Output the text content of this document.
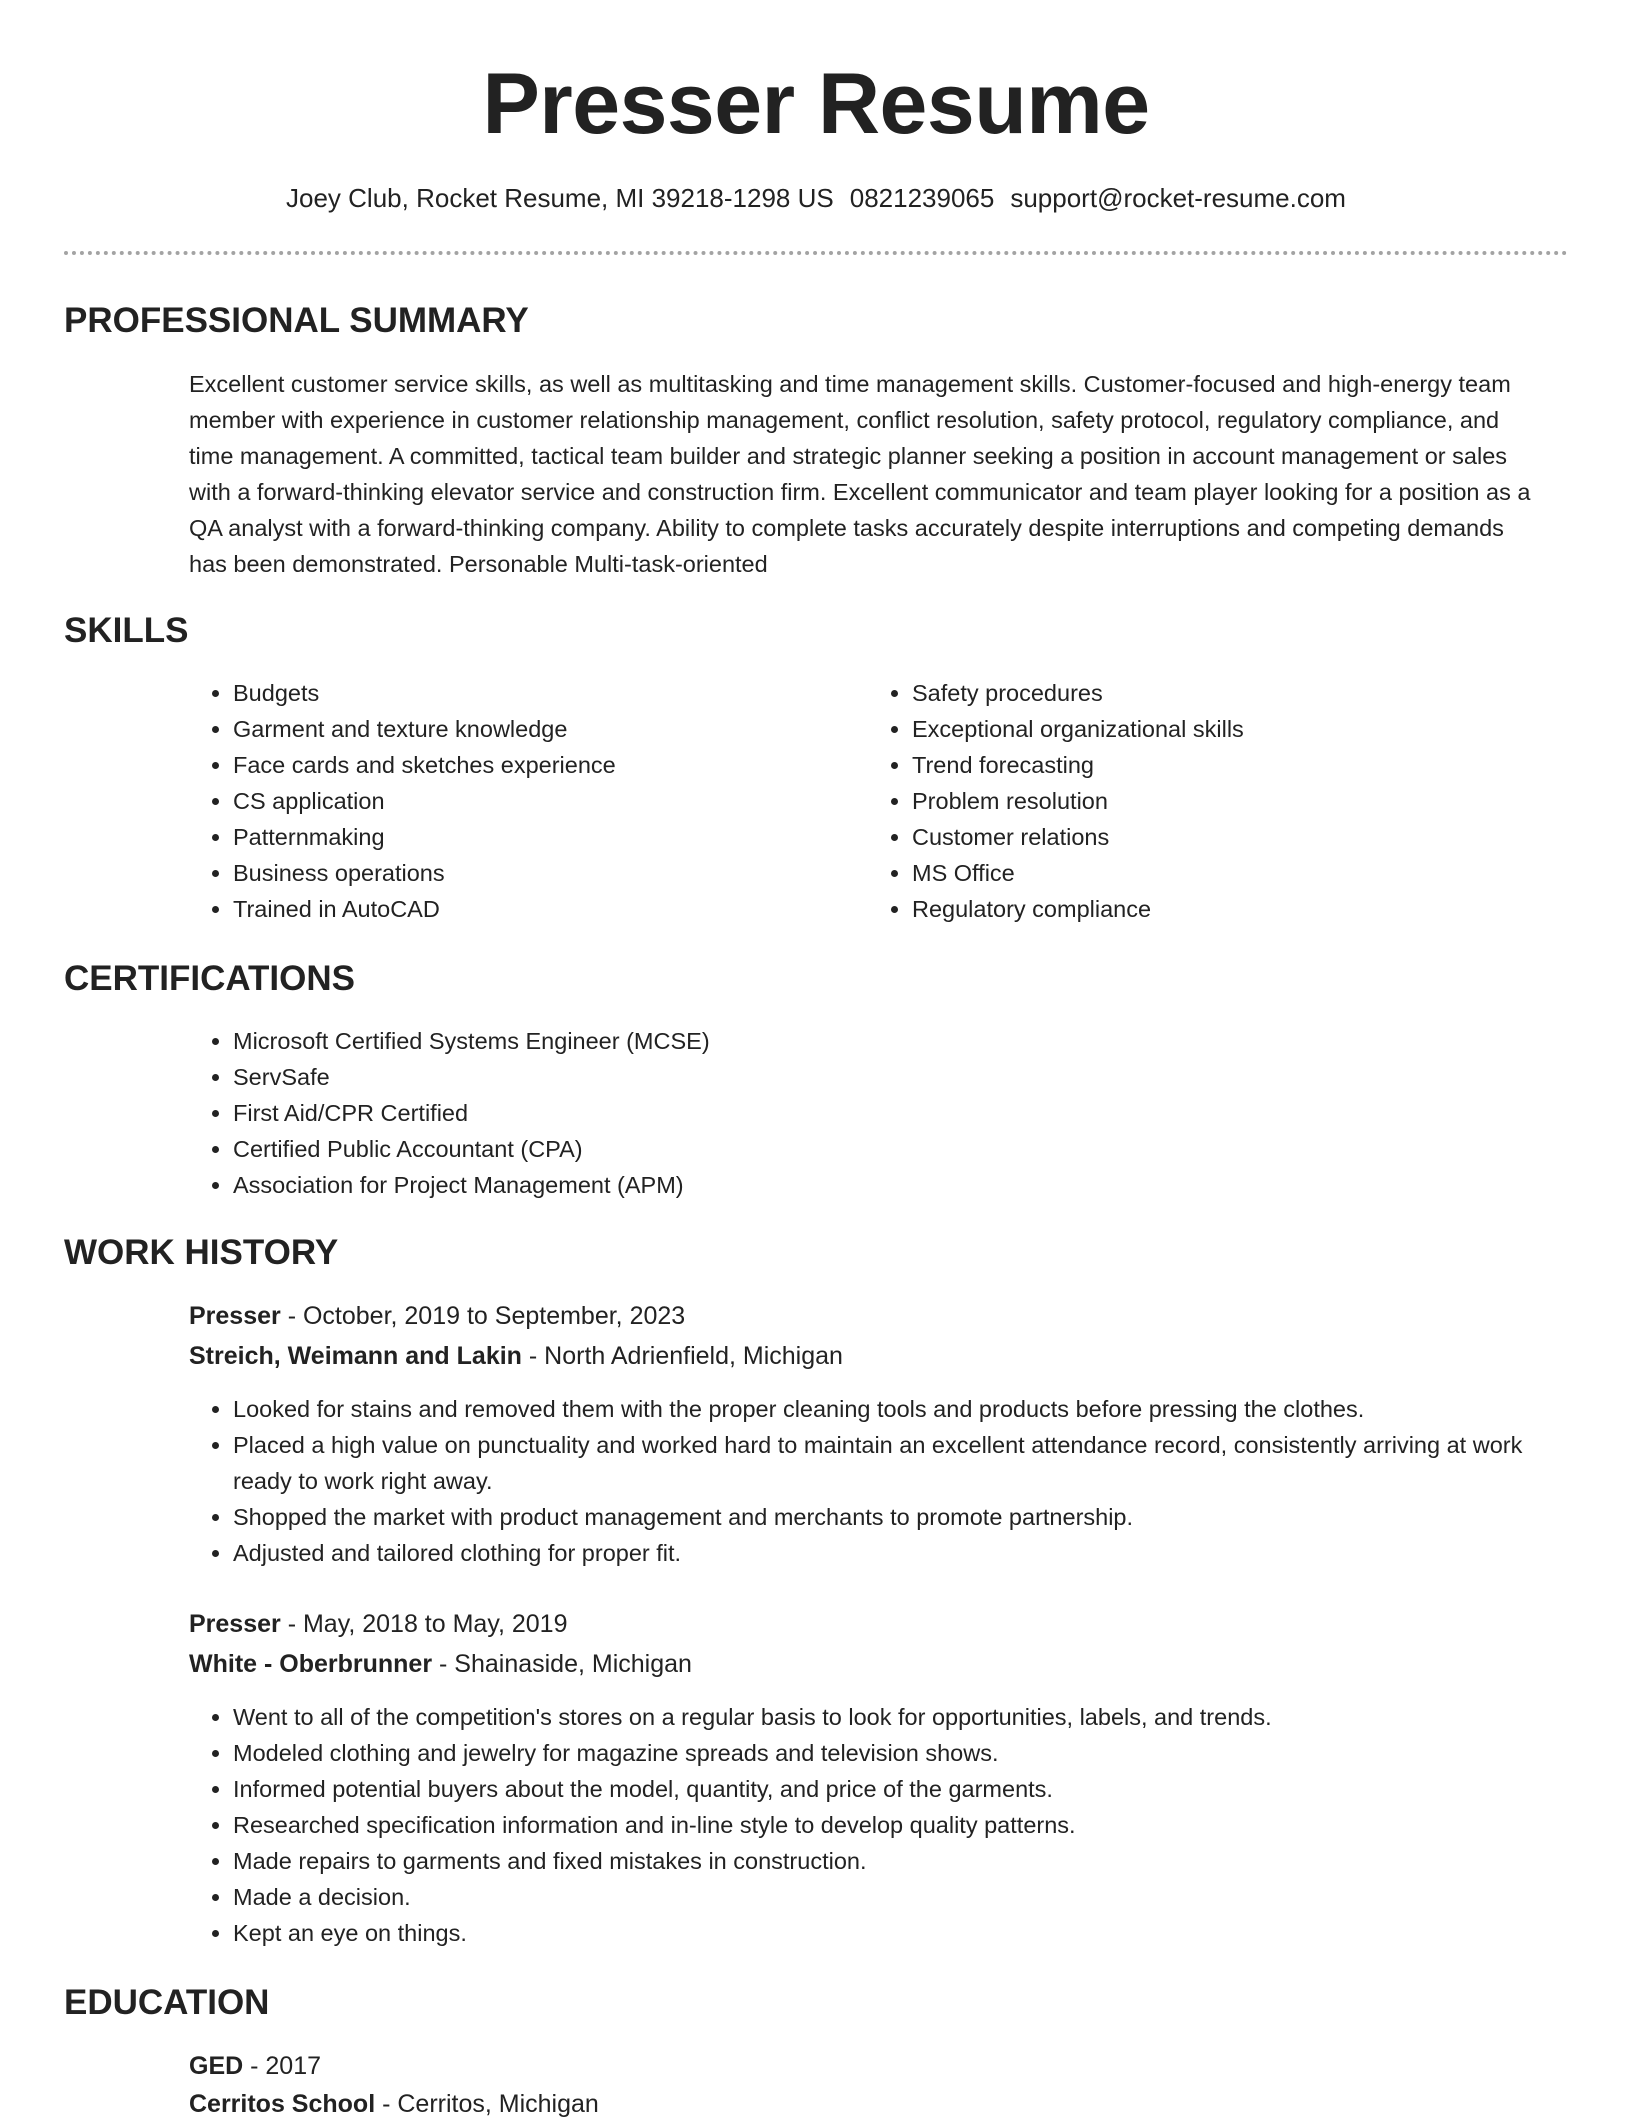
Presser Resume
Joey Club, Rocket Resume, MI 39218-1298 US 0821239065 support@rocket-resume.com
PROFESSIONAL SUMMARY

Excellent customer service skills, as well as multitasking and time management skills. Customer-focused and high-energy team member with experience in customer relationship management, conflict resolution, safety protocol, regulatory compliance, and time management. A committed, tactical team builder and strategic planner seeking a position in account management or sales with a forward-thinking elevator service and construction firm. Excellent communicator and team player looking for a position as a QA analyst with a forward-thinking company. Ability to complete tasks accurately despite interruptions and competing demands has been demonstrated. Personable Multi-task-oriented

SKILLS
• Budgets
• Garment and texture knowledge
• Face cards and sketches experience
• CS application
• Patternmaking
• Business operations
• Trained in AutoCAD
• Safety procedures
• Exceptional organizational skills
• Trend forecasting
• Problem resolution
• Customer relations
• MS Office
• Regulatory compliance
CERTIFICATIONS
• Microsoft Certified Systems Engineer (MCSE)
• ServSafe
• First Aid/CPR Certified
• Certified Public Accountant (CPA)
• Association for Project Management (APM)
WORK HISTORY
Presser - October, 2019 to September, 2023
Streich, Weimann and Lakin - North Adrienfield, Michigan
• Looked for stains and removed them with the proper cleaning tools and products before pressing the clothes.
• Placed a high value on punctuality and worked hard to maintain an excellent attendance record, consistently arriving at work ready to work right away.
• Shopped the market with product management and merchants to promote partnership.
• Adjusted and tailored clothing for proper fit.
Presser - May, 2018 to May, 2019
White - Oberbrunner - Shainaside, Michigan
• Went to all of the competition's stores on a regular basis to look for opportunities, labels, and trends.
• Modeled clothing and jewelry for magazine spreads and television shows.
• Informed potential buyers about the model, quantity, and price of the garments.
• Researched specification information and in-line style to develop quality patterns.
• Made repairs to garments and fixed mistakes in construction.
• Made a decision.
• Kept an eye on things.
EDUCATION
GED - 2017
Cerritos School - Cerritos, Michigan
